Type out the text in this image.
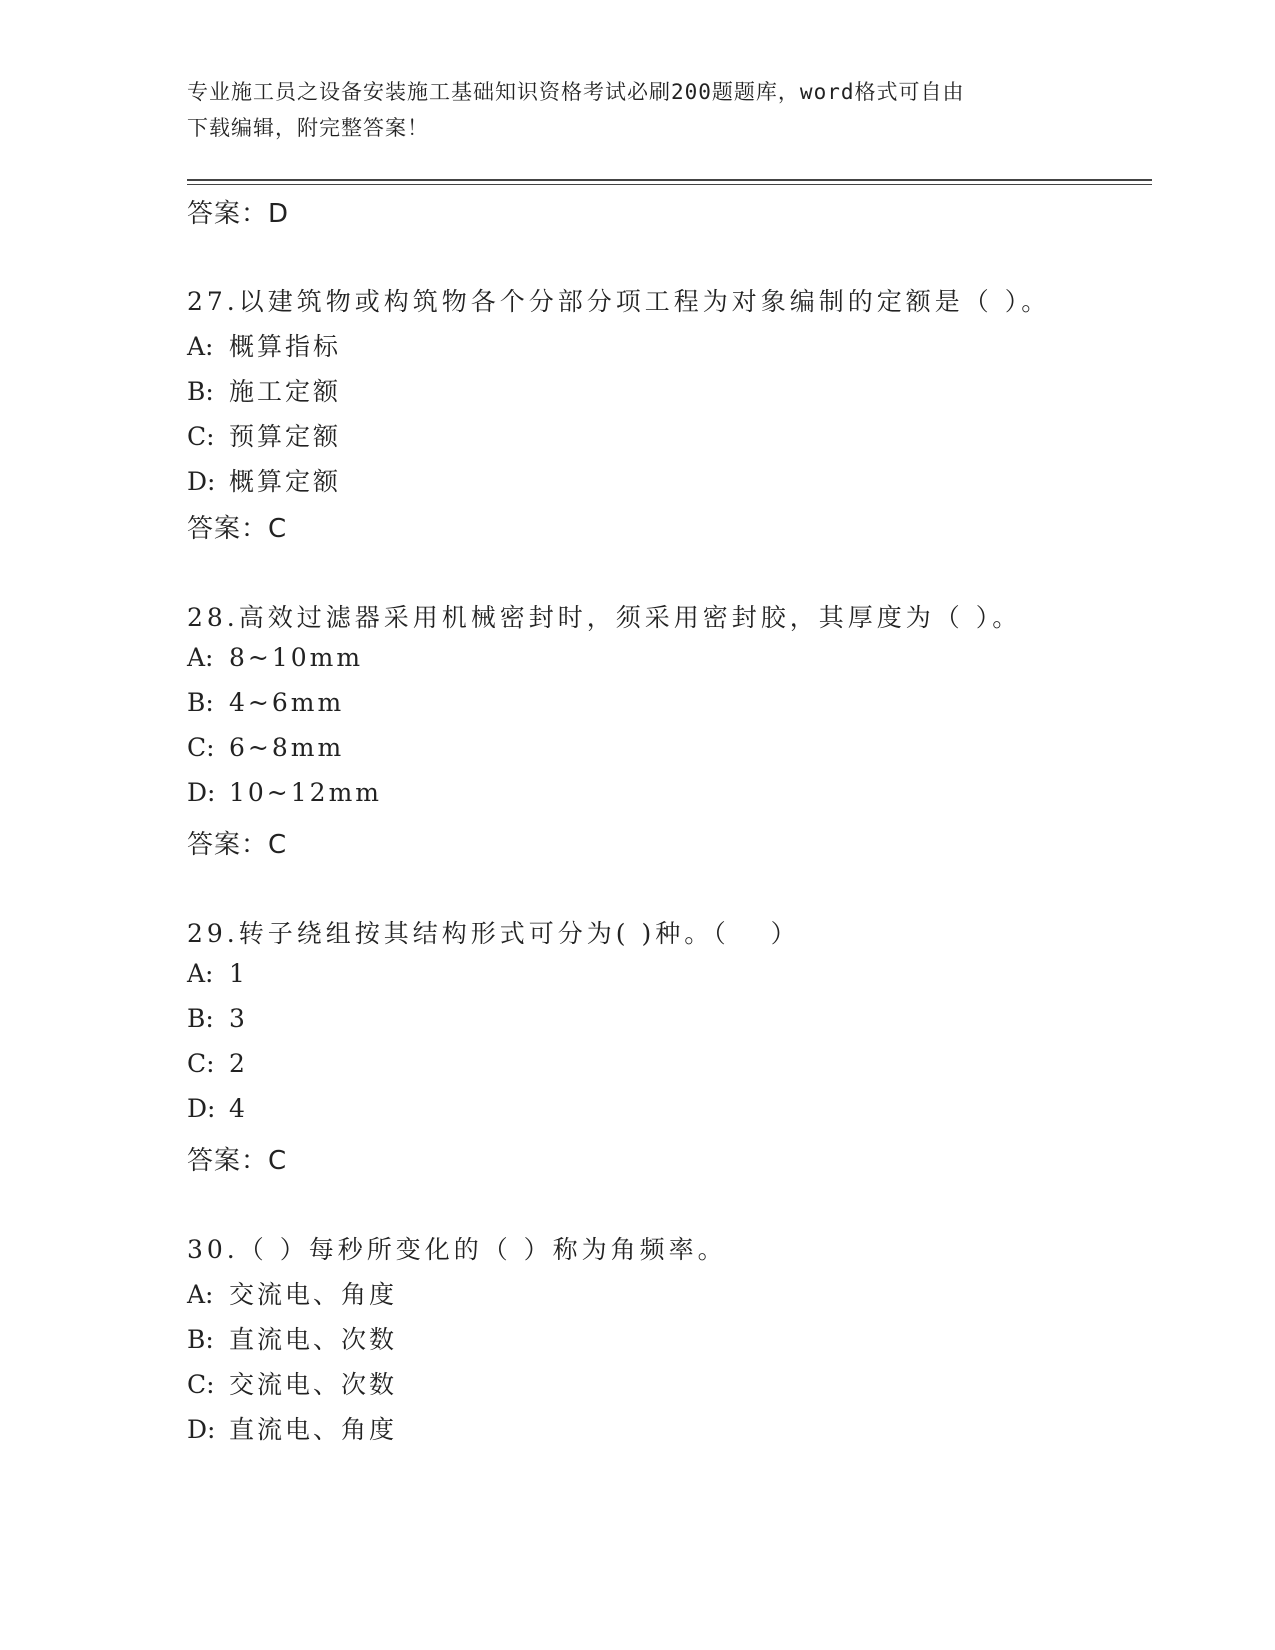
专业施工员之设备安装施工基础知识资格考试必刷200题题库，word格式可自由
下载编辑，附完整答案！
答案：D
27.以建筑物或构筑物各个分部分项工程为对象编制的定额是（ ）。
A: 概算指标
B: 施工定额
C: 预算定额
D: 概算定额
答案：C
28.高效过滤器采用机械密封时，须采用密封胶，其厚度为（ ）。
A: 8~10mm
B: 4~6mm
C: 6~8mm
D: 10~12mm
答案：C
29.转子绕组按其结构形式可分为( )种。（　 ）
A: 1
B: 3
C: 2
D: 4
答案：C
30.（ ）每秒所变化的（ ）称为角频率。
A: 交流电、角度
B: 直流电、次数
C: 交流电、次数
D: 直流电、角度
